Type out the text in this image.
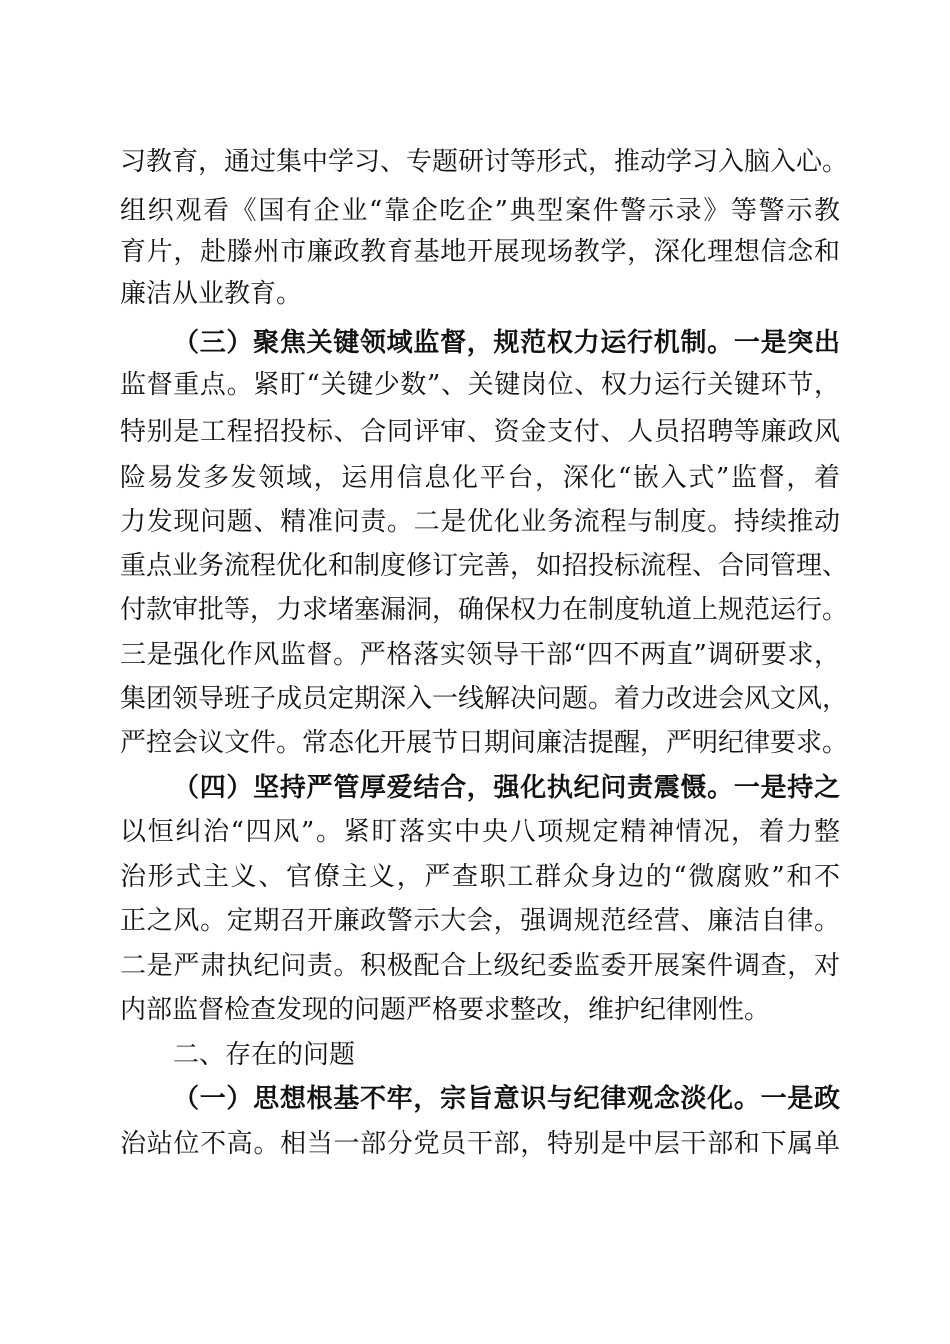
习教育，通过集中学习、专题研讨等形式，推动学习入脑入心。
组织观看《国有企业“靠企吃企”典型案件警示录》等警示教
育片，赴滕州市廉政教育基地开展现场教学，深化理想信念和
廉洁从业教育。
（三）聚焦关键领域监督，规范权力运行机制。一是突出
监督重点。紧盯“关键少数”、关键岗位、权力运行关键环节，
特别是工程招投标、合同评审、资金支付、人员招聘等廉政风
险易发多发领域，运用信息化平台，深化“嵌入式”监督，着
力发现问题、精准问责。二是优化业务流程与制度。持续推动
重点业务流程优化和制度修订完善，如招投标流程、合同管理、
付款审批等，力求堵塞漏洞，确保权力在制度轨道上规范运行。
三是强化作风监督。严格落实领导干部“四不两直”调研要求，
集团领导班子成员定期深入一线解决问题。着力改进会风文风，
严控会议文件。常态化开展节日期间廉洁提醒，严明纪律要求。
（四）坚持严管厚爱结合，强化执纪问责震慑。一是持之
以恒纠治“四风”。紧盯落实中央八项规定精神情况，着力整
治形式主义、官僚主义，严查职工群众身边的“微腐败”和不
正之风。定期召开廉政警示大会，强调规范经营、廉洁自律。
二是严肃执纪问责。积极配合上级纪委监委开展案件调查，对
内部监督检查发现的问题严格要求整改，维护纪律刚性。
二、存在的问题
（一）思想根基不牢，宗旨意识与纪律观念淡化。一是政
治站位不高。相当一部分党员干部，特别是中层干部和下属单
